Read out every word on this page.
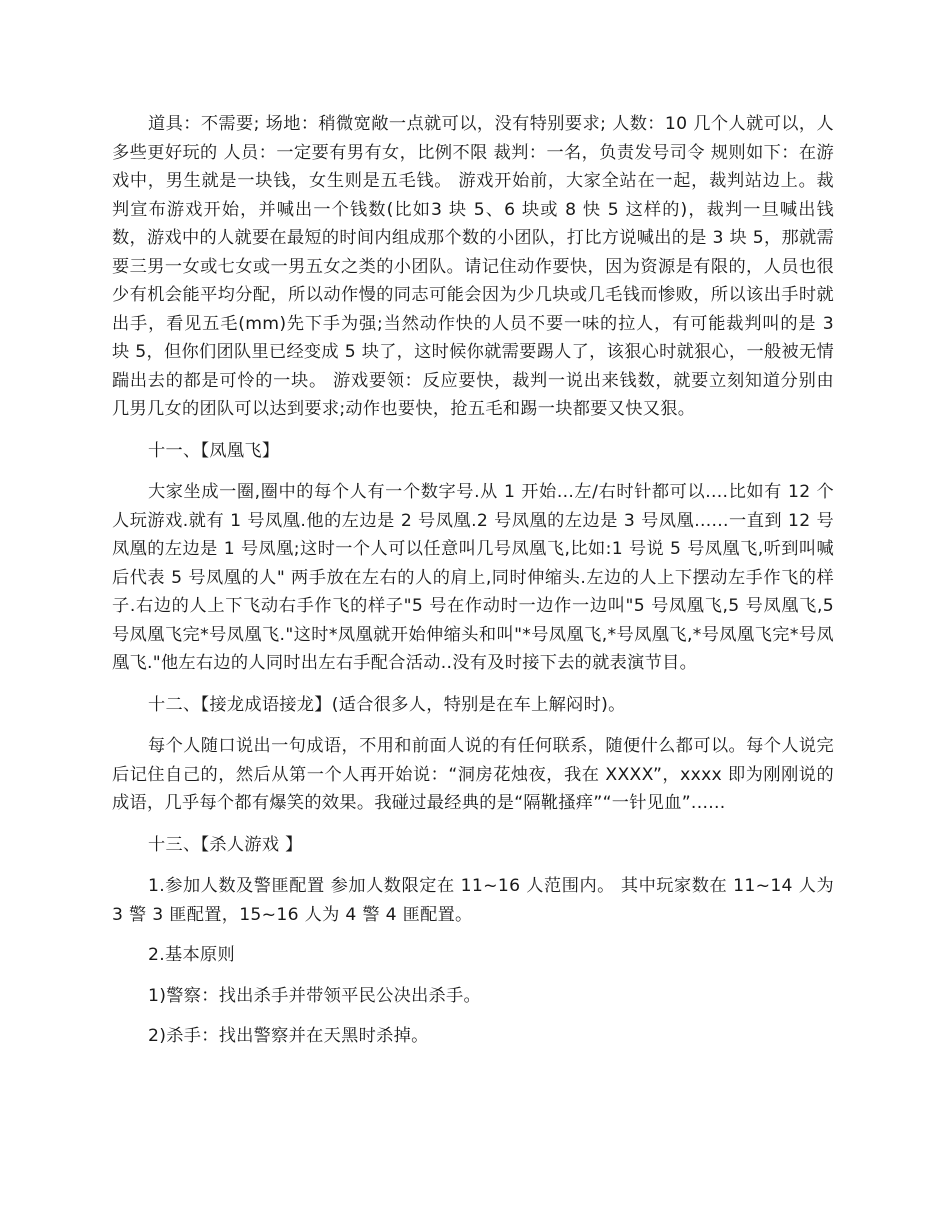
道具：不需要; 场地：稍微宽敞一点就可以，没有特别要求; 人数：10 几个人就可以，人多些更好玩的 人员：一定要有男有女，比例不限 裁判：一名，负责发号司令 规则如下：在游戏中，男生就是一块钱，女生则是五毛钱。 游戏开始前，大家全站在一起，裁判站边上。裁判宣布游戏开始，并喊出一个钱数(比如3 块 5、6 块或 8 快 5 这样的)，裁判一旦喊出钱数，游戏中的人就要在最短的时间内组成那个数的小团队，打比方说喊出的是 3 块 5，那就需要三男一女或七女或一男五女之类的小团队。请记住动作要快，因为资源是有限的，人员也很少有机会能平均分配，所以动作慢的同志可能会因为少几块或几毛钱而惨败，所以该出手时就出手，看见五毛(mm)先下手为强;当然动作快的人员不要一味的拉人，有可能裁判叫的是 3 块 5，但你们团队里已经变成 5 块了，这时候你就需要踢人了，该狠心时就狠心，一般被无情踹出去的都是可怜的一块。 游戏要领：反应要快，裁判一说出来钱数，就要立刻知道分别由几男几女的团队可以达到要求;动作也要快，抢五毛和踢一块都要又快又狠。

十一、【凤凰飞】

大家坐成一圈,圈中的每个人有一个数字号.从 1 开始...左/右时针都可以....比如有 12 个人玩游戏.就有 1 号凤凰.他的左边是 2 号凤凰.2 号凤凰的左边是 3 号凤凰......一直到 12 号凤凰的左边是 1 号凤凰;这时一个人可以任意叫几号凤凰飞,比如:1 号说 5 号凤凰飞,听到叫喊后代表 5 号凤凰的人" 两手放在左右的人的肩上,同时伸缩头.左边的人上下摆动左手作飞的样子.右边的人上下飞动右手作飞的样子"5 号在作动时一边作一边叫"5 号凤凰飞,5 号凤凰飞,5 号凤凰飞完*号凤凰飞."这时*凤凰就开始伸缩头和叫"*号凤凰飞,*号凤凰飞,*号凤凰飞完*号凤凰飞."他左右边的人同时出左右手配合活动..没有及时接下去的就表演节目。

十二、【接龙成语接龙】(适合很多人，特别是在车上解闷时)。

每个人随口说出一句成语，不用和前面人说的有任何联系，随便什么都可以。每个人说完后记住自己的，然后从第一个人再开始说：“洞房花烛夜，我在 XXXX”，xxxx 即为刚刚说的成语，几乎每个都有爆笑的效果。我碰过最经典的是“隔靴搔痒”“一针见血”......

十三、【杀人游戏 】

1.参加人数及警匪配置 参加人数限定在 11~16 人范围内。 其中玩家数在 11~14 人为 3 警 3 匪配置，15~16 人为 4 警 4 匪配置。

2.基本原则

1)警察：找出杀手并带领平民公决出杀手。

2)杀手：找出警察并在天黑时杀掉。
